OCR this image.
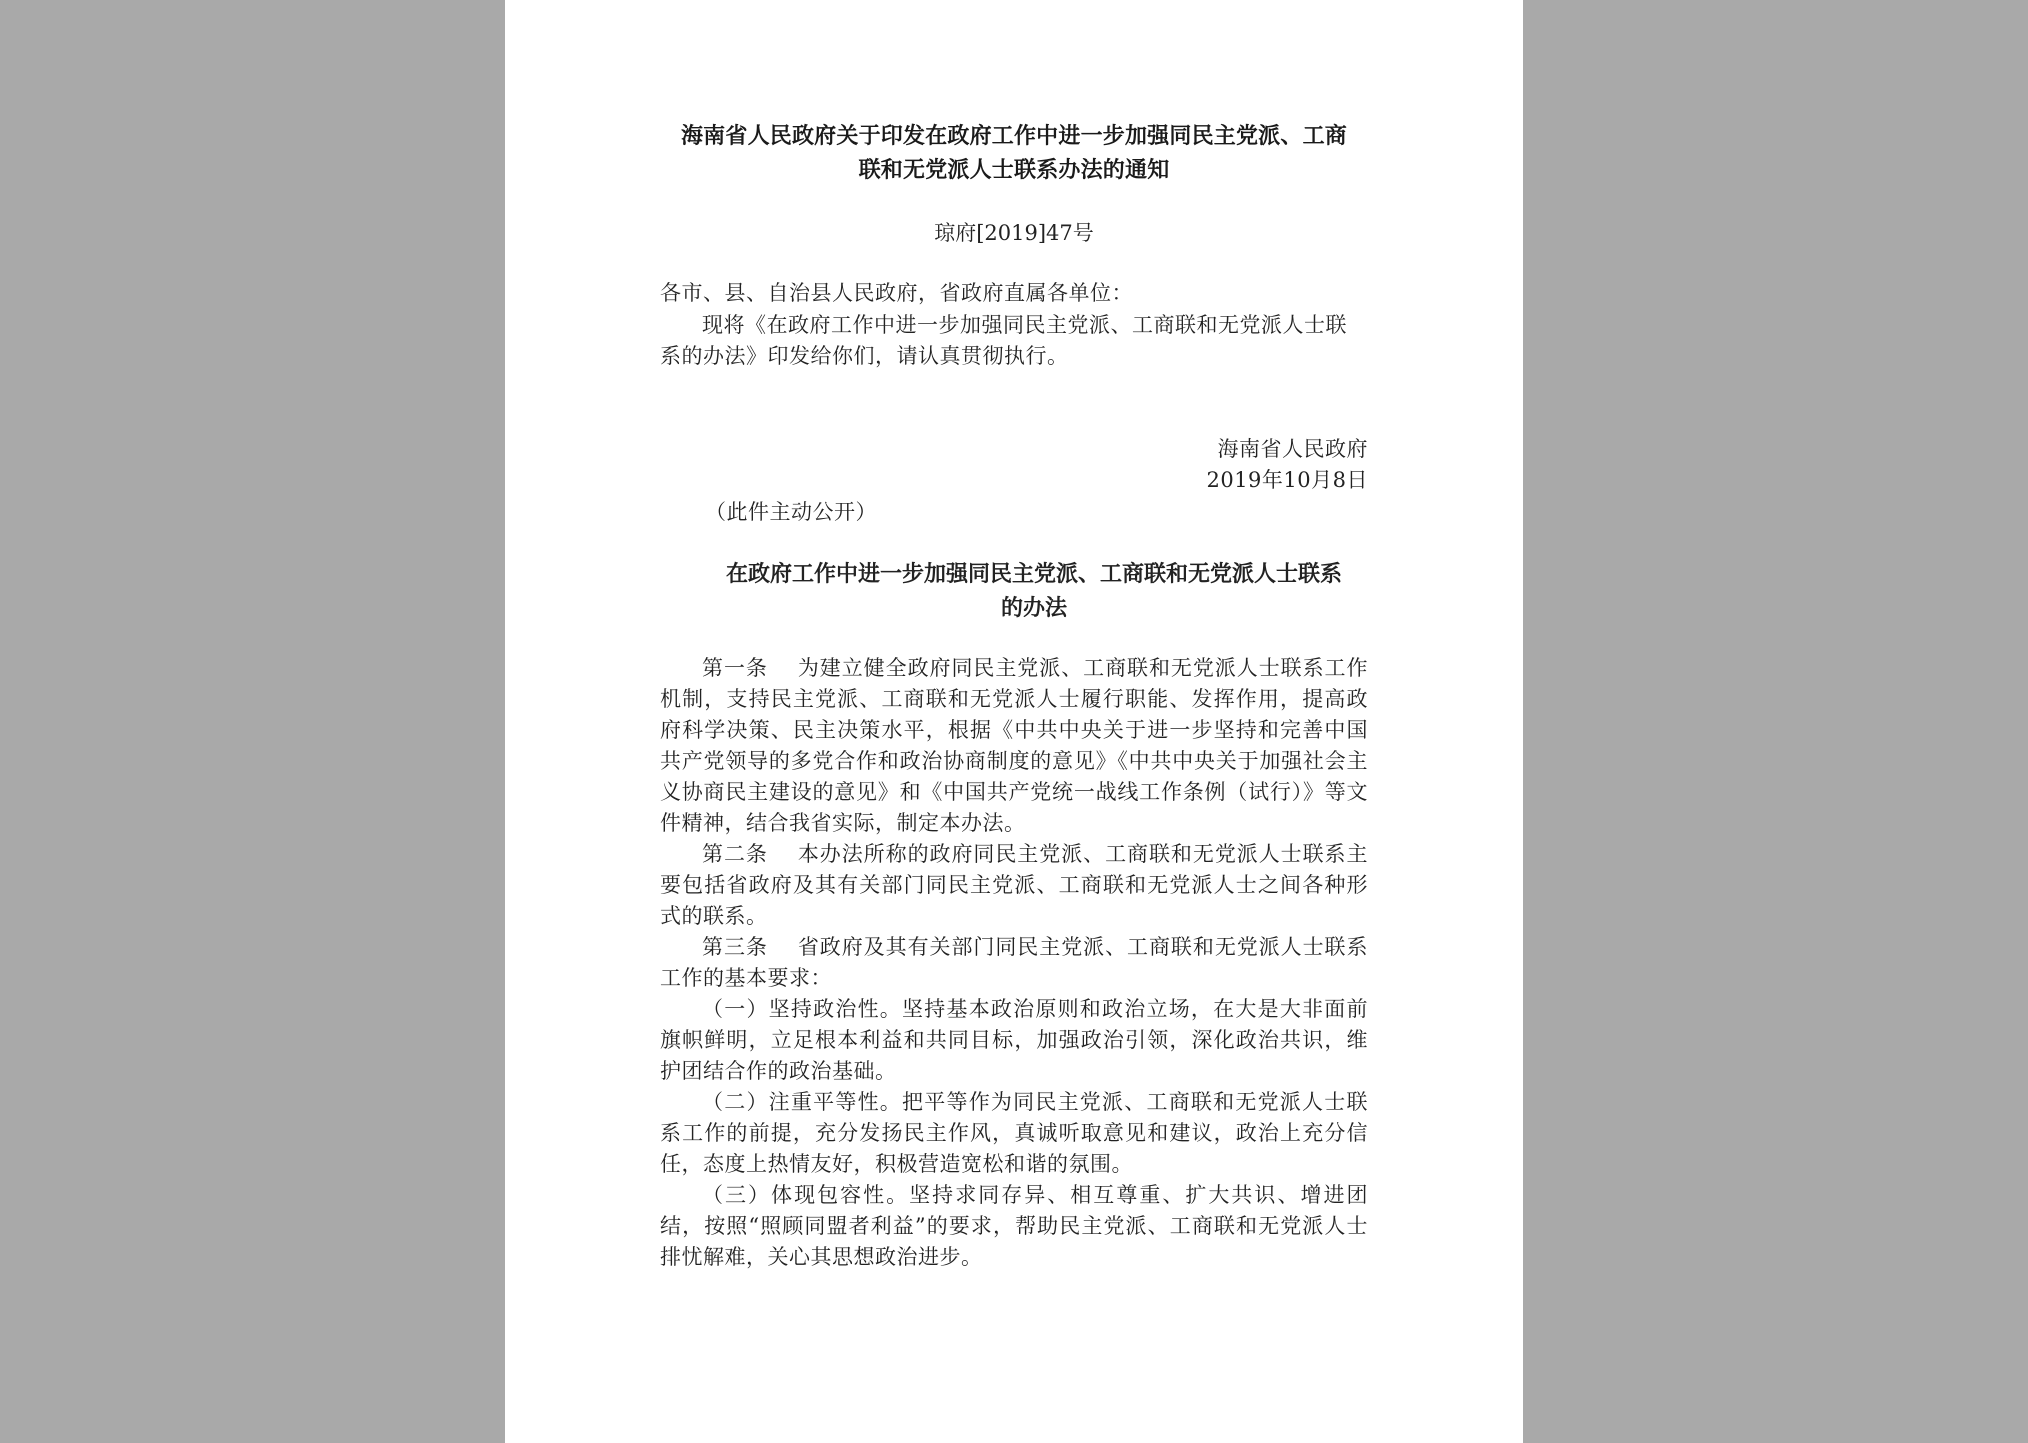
海南省人民政府关于印发在政府工作中进一步加强同民主党派、工商
联和无党派人士联系办法的通知
琼府[2019]47号
各市、县、自治县人民政府，省政府直属各单位：
现将《在政府工作中进一步加强同民主党派、工商联和无党派人士联系的办法》印发给你们，请认真贯彻执行。
海南省人民政府
2019年10月8日
（此件主动公开）
在政府工作中进一步加强同民主党派、工商联和无党派人士联系
的办法

第一条 为建立健全政府同民主党派、工商联和无党派人士联系工作机制，支持民主党派、工商联和无党派人士履行职能、发挥作用，提高政府科学决策、民主决策水平，根据《中共中央关于进一步坚持和完善中国共产党领导的多党合作和政治协商制度的意见》《中共中央关于加强社会主义协商民主建设的意见》和《中国共产党统一战线工作条例（试行）》等文件精神，结合我省实际，制定本办法。

第二条 本办法所称的政府同民主党派、工商联和无党派人士联系主要包括省政府及其有关部门同民主党派、工商联和无党派人士之间各种形式的联系。

第三条 省政府及其有关部门同民主党派、工商联和无党派人士联系工作的基本要求：

（一）坚持政治性。坚持基本政治原则和政治立场，在大是大非面前旗帜鲜明，立足根本利益和共同目标，加强政治引领，深化政治共识，维护团结合作的政治基础。

（二）注重平等性。把平等作为同民主党派、工商联和无党派人士联系工作的前提，充分发扬民主作风，真诚听取意见和建议，政治上充分信任，态度上热情友好，积极营造宽松和谐的氛围。

（三）体现包容性。坚持求同存异、相互尊重、扩大共识、增进团结，按照“照顾同盟者利益”的要求，帮助民主党派、工商联和无党派人士排忧解难，关心其思想政治进步。
